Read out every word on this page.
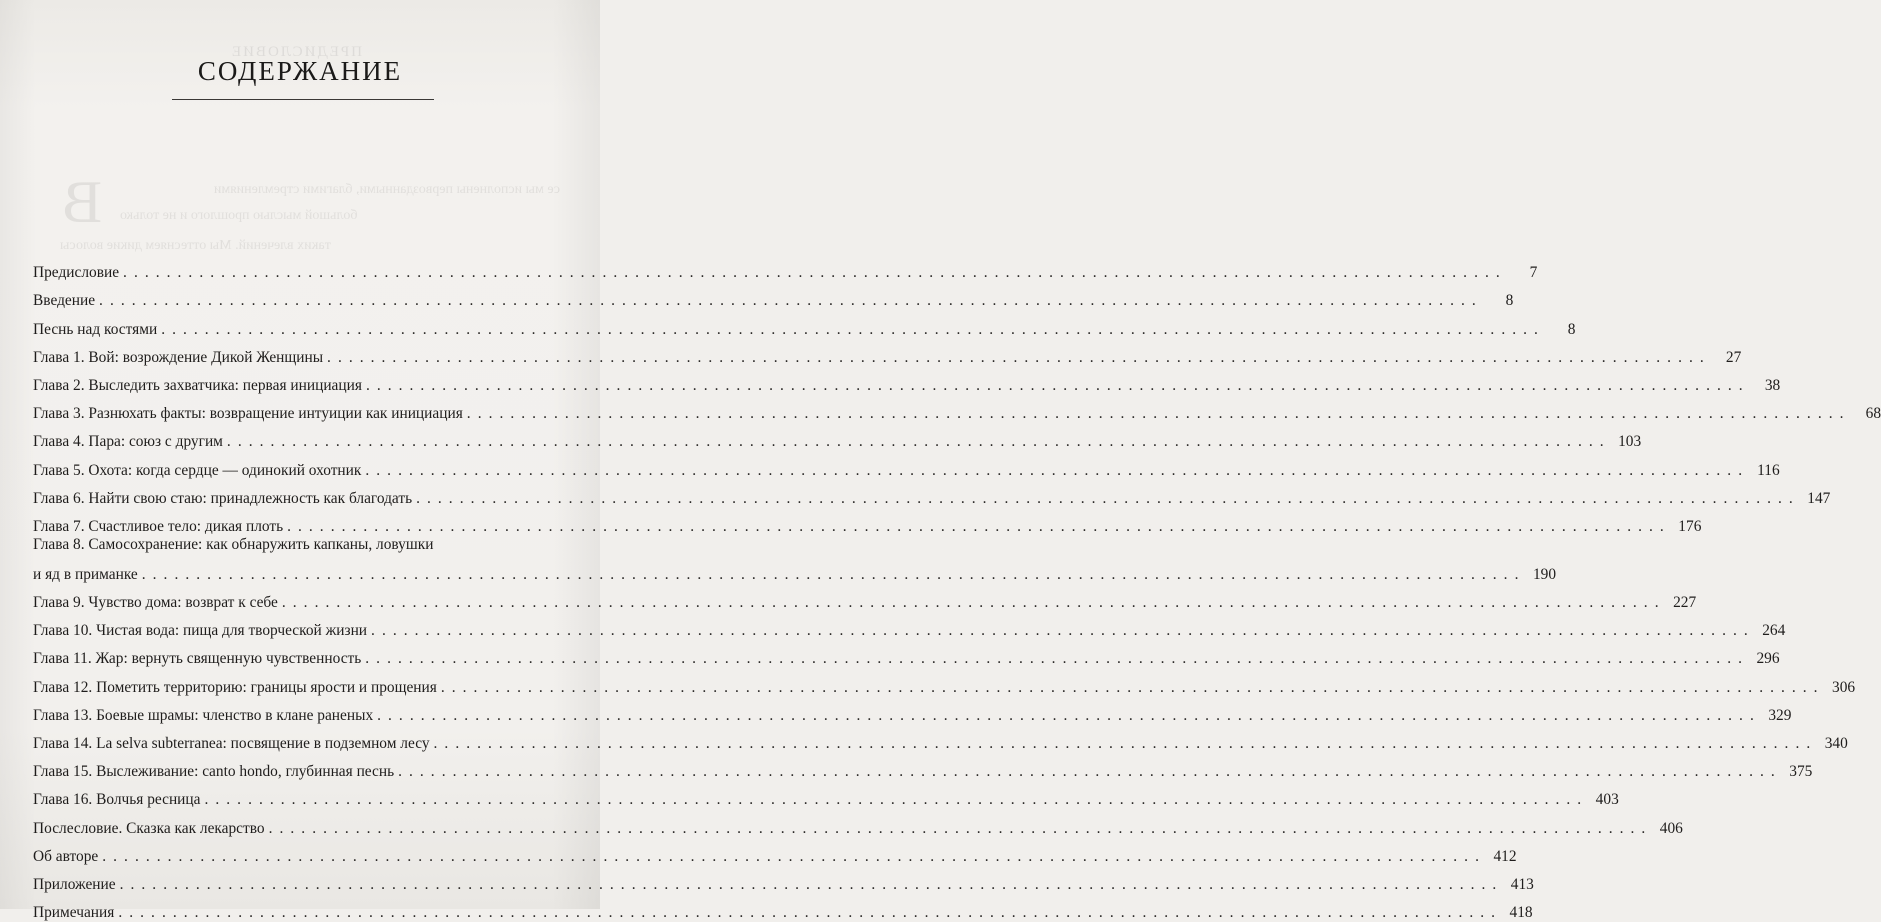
ПРЕДИСЛОВИЕ
В	се мы исполнены первозданными, благими стремлениями
большой мыслью прошлого и не только
таких влечений. Мы оттесняем дикие волосы
СОДЕРЖАНИЕ
Предисловие . . .	7
Введение . . .	8
Песнь над костями . . .	8
Глава 1. Вой: возрождение Дикой Женщины . . .	27
Глава 2. Выследить захватчика: первая инициация . . .	38
Глава 3. Разнюхать факты: возвращение интуиции как инициация . . .	68
Глава 4. Пара: союз с другим . . .	103
Глава 5. Охота: когда сердце — одинокий охотник . . .	116
Глава 6. Найти свою стаю: принадлежность как благодать . . .	147
Глава 7. Счастливое тело: дикая плоть . . .	176
Глава 8. Самосохранение: как обнаружить капканы, ловушки
и яд в приманке . . .	190
Глава 9. Чувство дома: возврат к себе . . .	227
Глава 10. Чистая вода: пища для творческой жизни . . .	264
Глава 11. Жар: вернуть священную чувственность . . .	296
Глава 12. Пометить территорию: границы ярости и прощения . . .	306
Глава 13. Боевые шрамы: членство в клане раненых . . .	329
Глава 14. La selva subterranea: посвящение в подземном лесу . . .	340
Глава 15. Выслеживание: canto hondo, глубинная песнь . . .	375
Глава 16. Волчья ресница . . .	403
Послесловие. Сказка как лекарство . . .	406
Об авторе . . .	412
Приложение . . .	413
Примечания . . .	418
